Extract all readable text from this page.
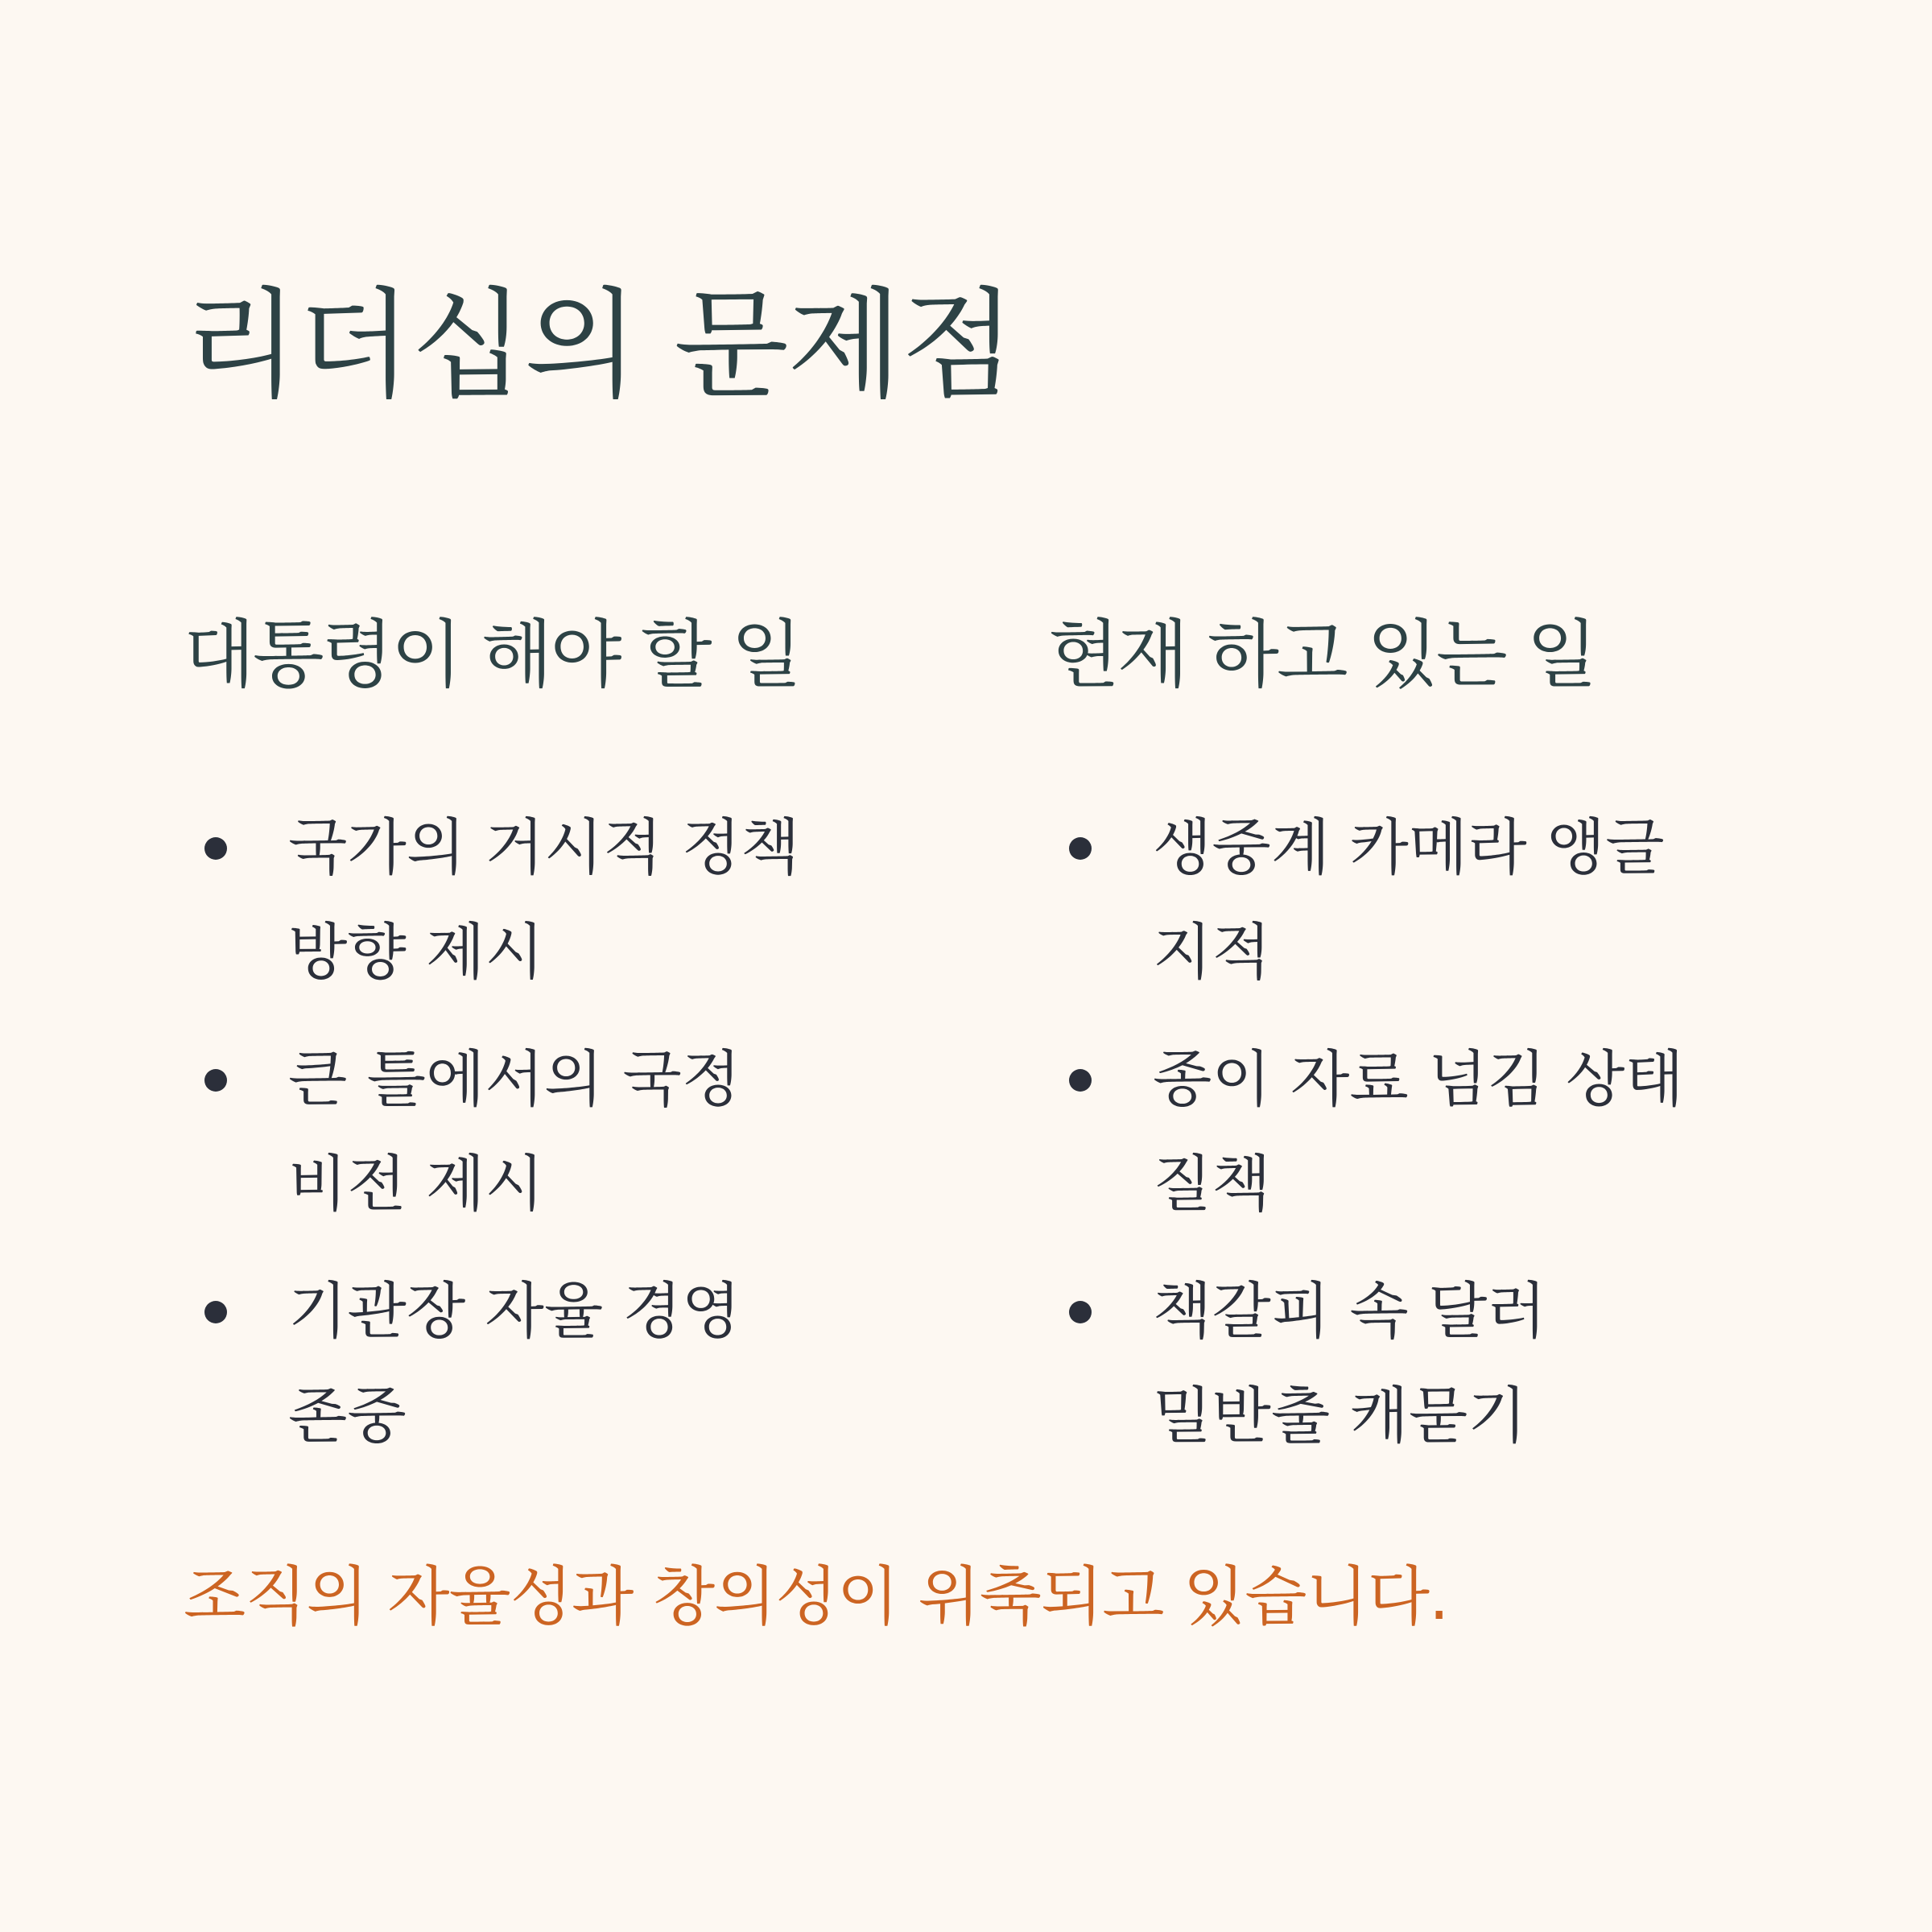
리더십의 문제점
대통령이 해야 할 일
국가의 거시적 정책 방향 제시
큰 틀에서의 국정 비전 제시
기관장 자율 경영 존중
현재 하고 있는 일
생중계 카메라 앵글 지적
종이 자료 넘김 상태 질책
책갈피 속 달러 밀반출 캐묻기

조직의 자율성과 창의성이 위축되고 있습니다.
